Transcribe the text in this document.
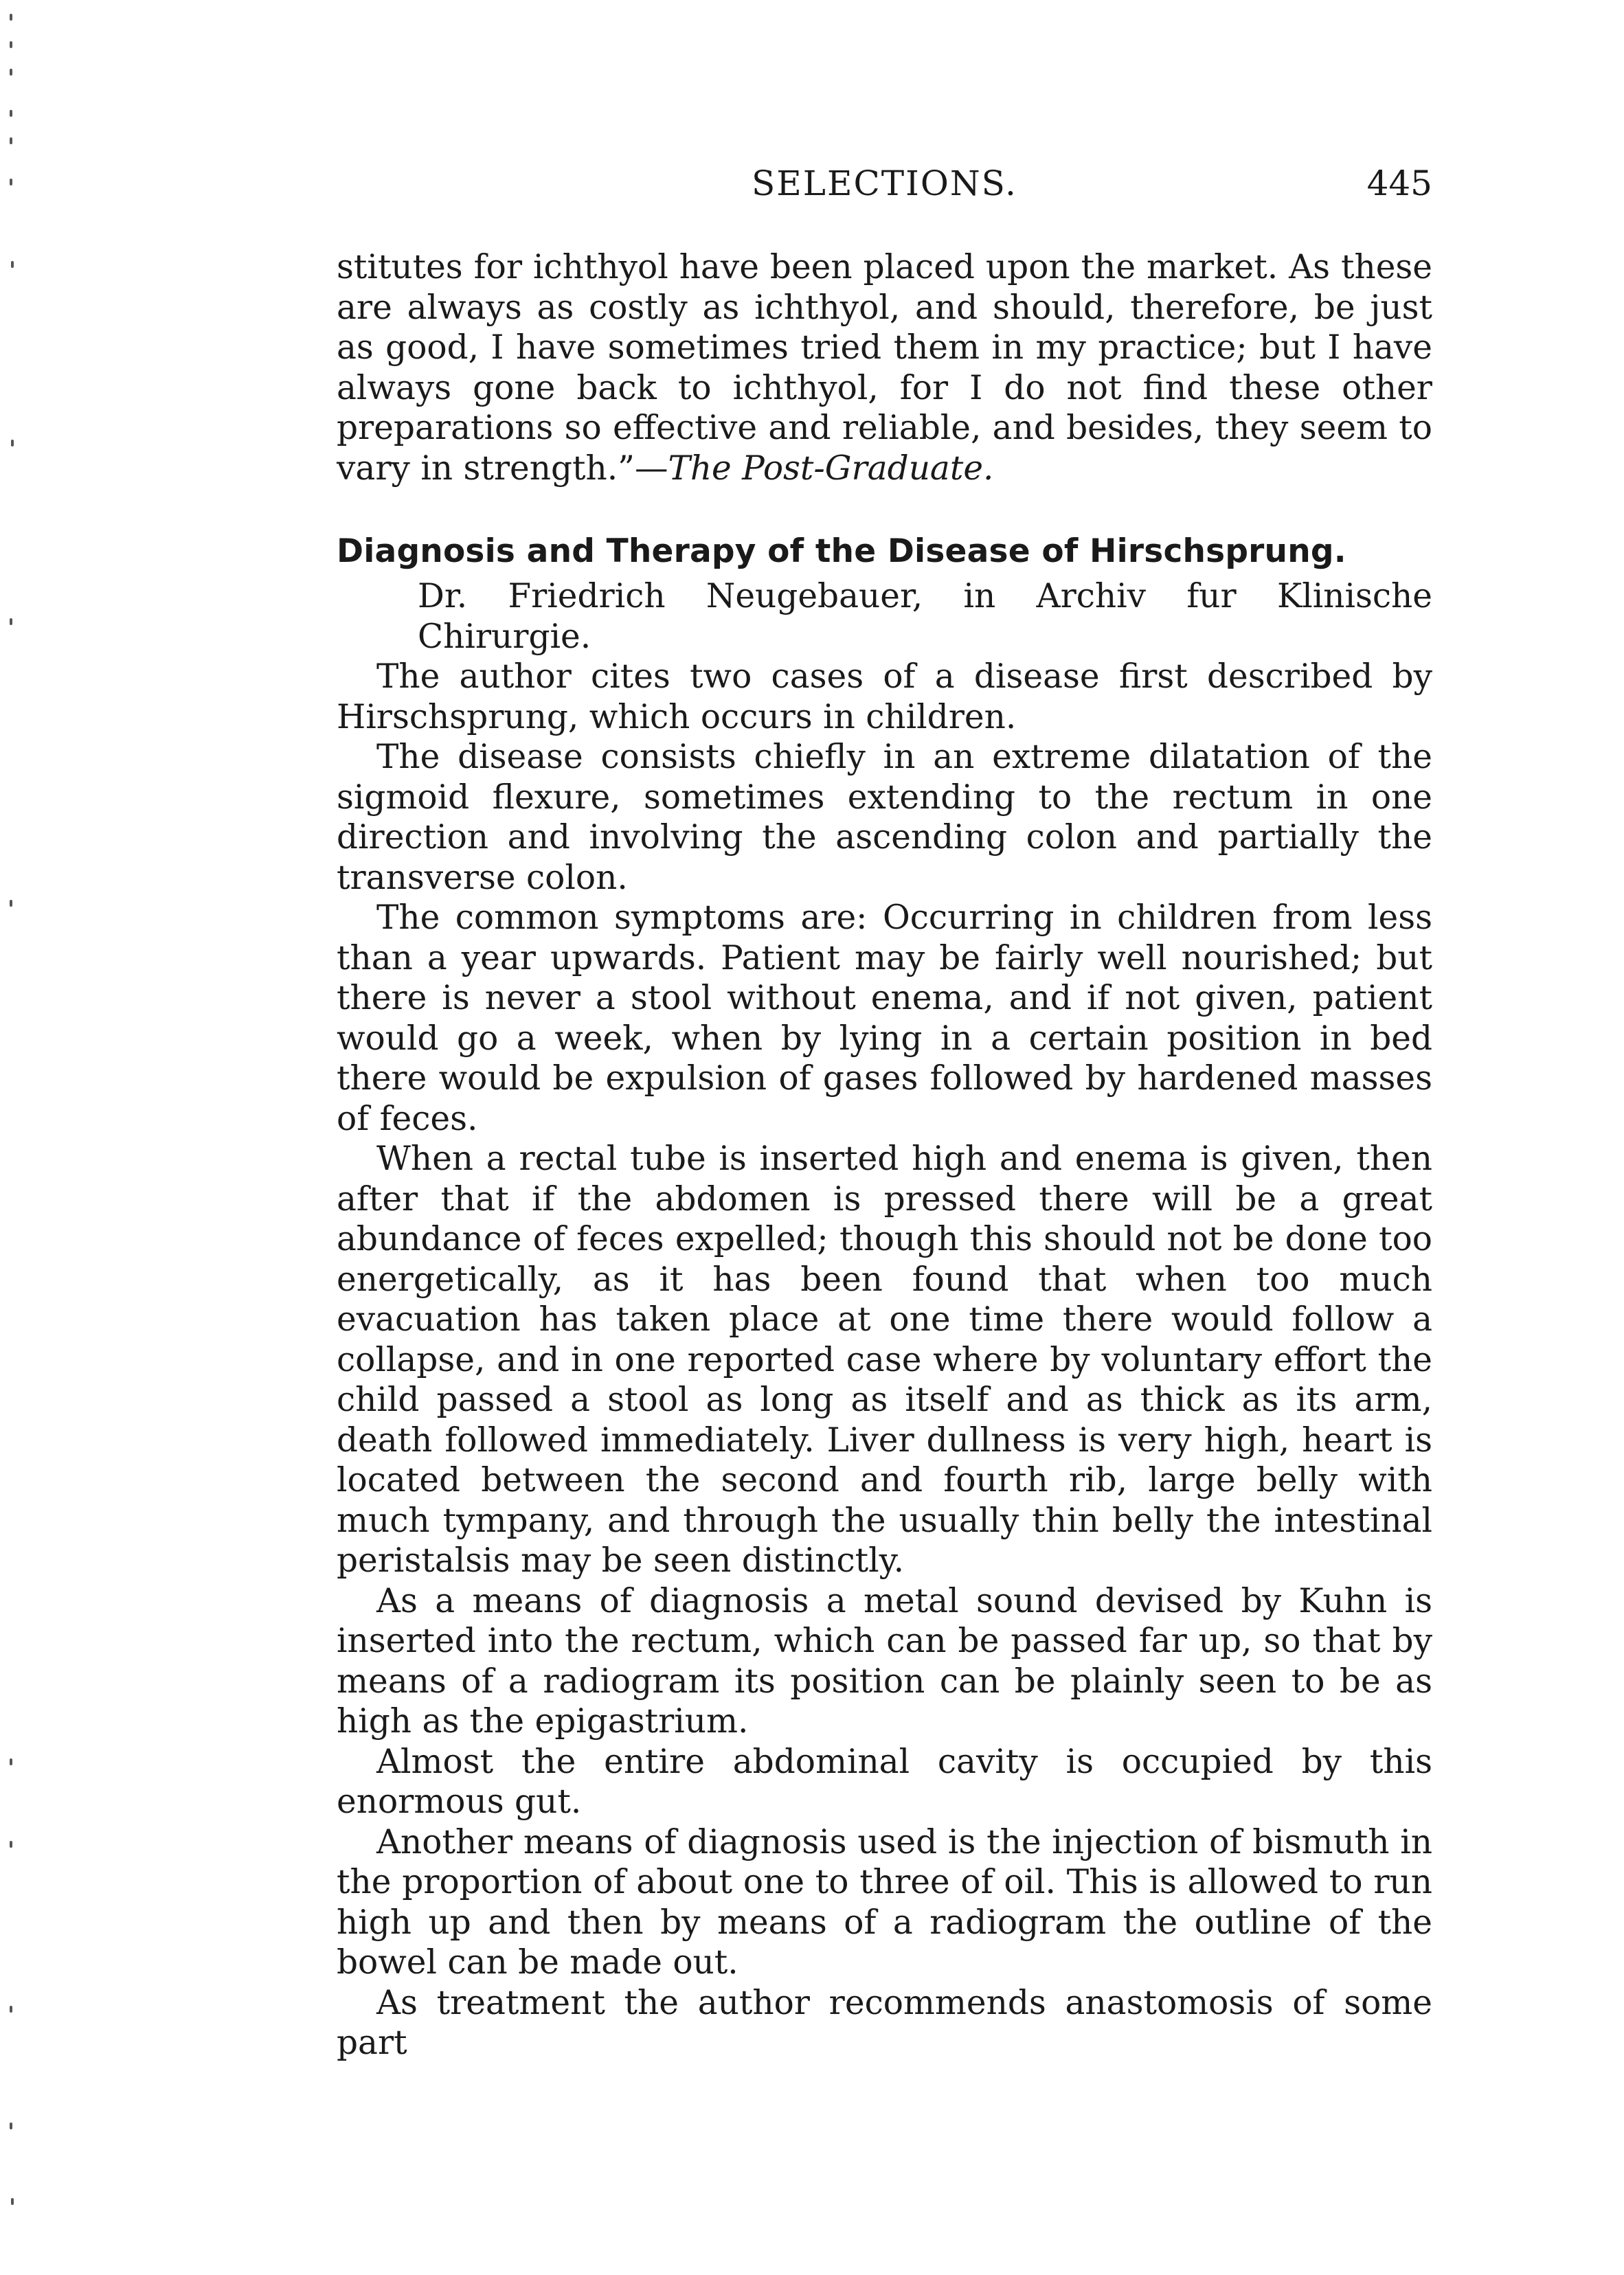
SELECTIONS.	445

stitutes for ichthyol have been placed upon the market. As these are always as costly as ichthyol, and should, therefore, be just as good, I have sometimes tried them in my practice; but I have always gone back to ichthyol, for I do not find these other preparations so effective and reliable, and besides, they seem to vary in strength.”—The Post-Graduate.

Diagnosis and Therapy of the Disease of Hirschsprung.

Dr. Friedrich Neugebauer, in Archiv fur Klinische Chirurgie.

The author cites two cases of a disease first described by Hirschsprung, which occurs in children.

The disease consists chiefly in an extreme dilatation of the sigmoid flexure, sometimes extending to the rectum in one direction and involving the ascending colon and partially the transverse colon.

The common symptoms are: Occurring in children from less than a year upwards. Patient may be fairly well nourished; but there is never a stool without enema, and if not given, patient would go a week, when by lying in a certain position in bed there would be expulsion of gases followed by hardened masses of feces.

When a rectal tube is inserted high and enema is given, then after that if the abdomen is pressed there will be a great abundance of feces expelled; though this should not be done too energetically, as it has been found that when too much evacuation has taken place at one time there would follow a collapse, and in one reported case where by voluntary effort the child passed a stool as long as itself and as thick as its arm, death followed immediately. Liver dullness is very high, heart is located between the second and fourth rib, large belly with much tympany, and through the usually thin belly the intestinal peristalsis may be seen distinctly.

As a means of diagnosis a metal sound devised by Kuhn is inserted into the rectum, which can be passed far up, so that by means of a radiogram its position can be plainly seen to be as high as the epigastrium.

Almost the entire abdominal cavity is occupied by this enormous gut.

Another means of diagnosis used is the injection of bismuth in the proportion of about one to three of oil. This is allowed to run high up and then by means of a radiogram the outline of the bowel can be made out.

As treatment the author recommends anastomosis of some part
